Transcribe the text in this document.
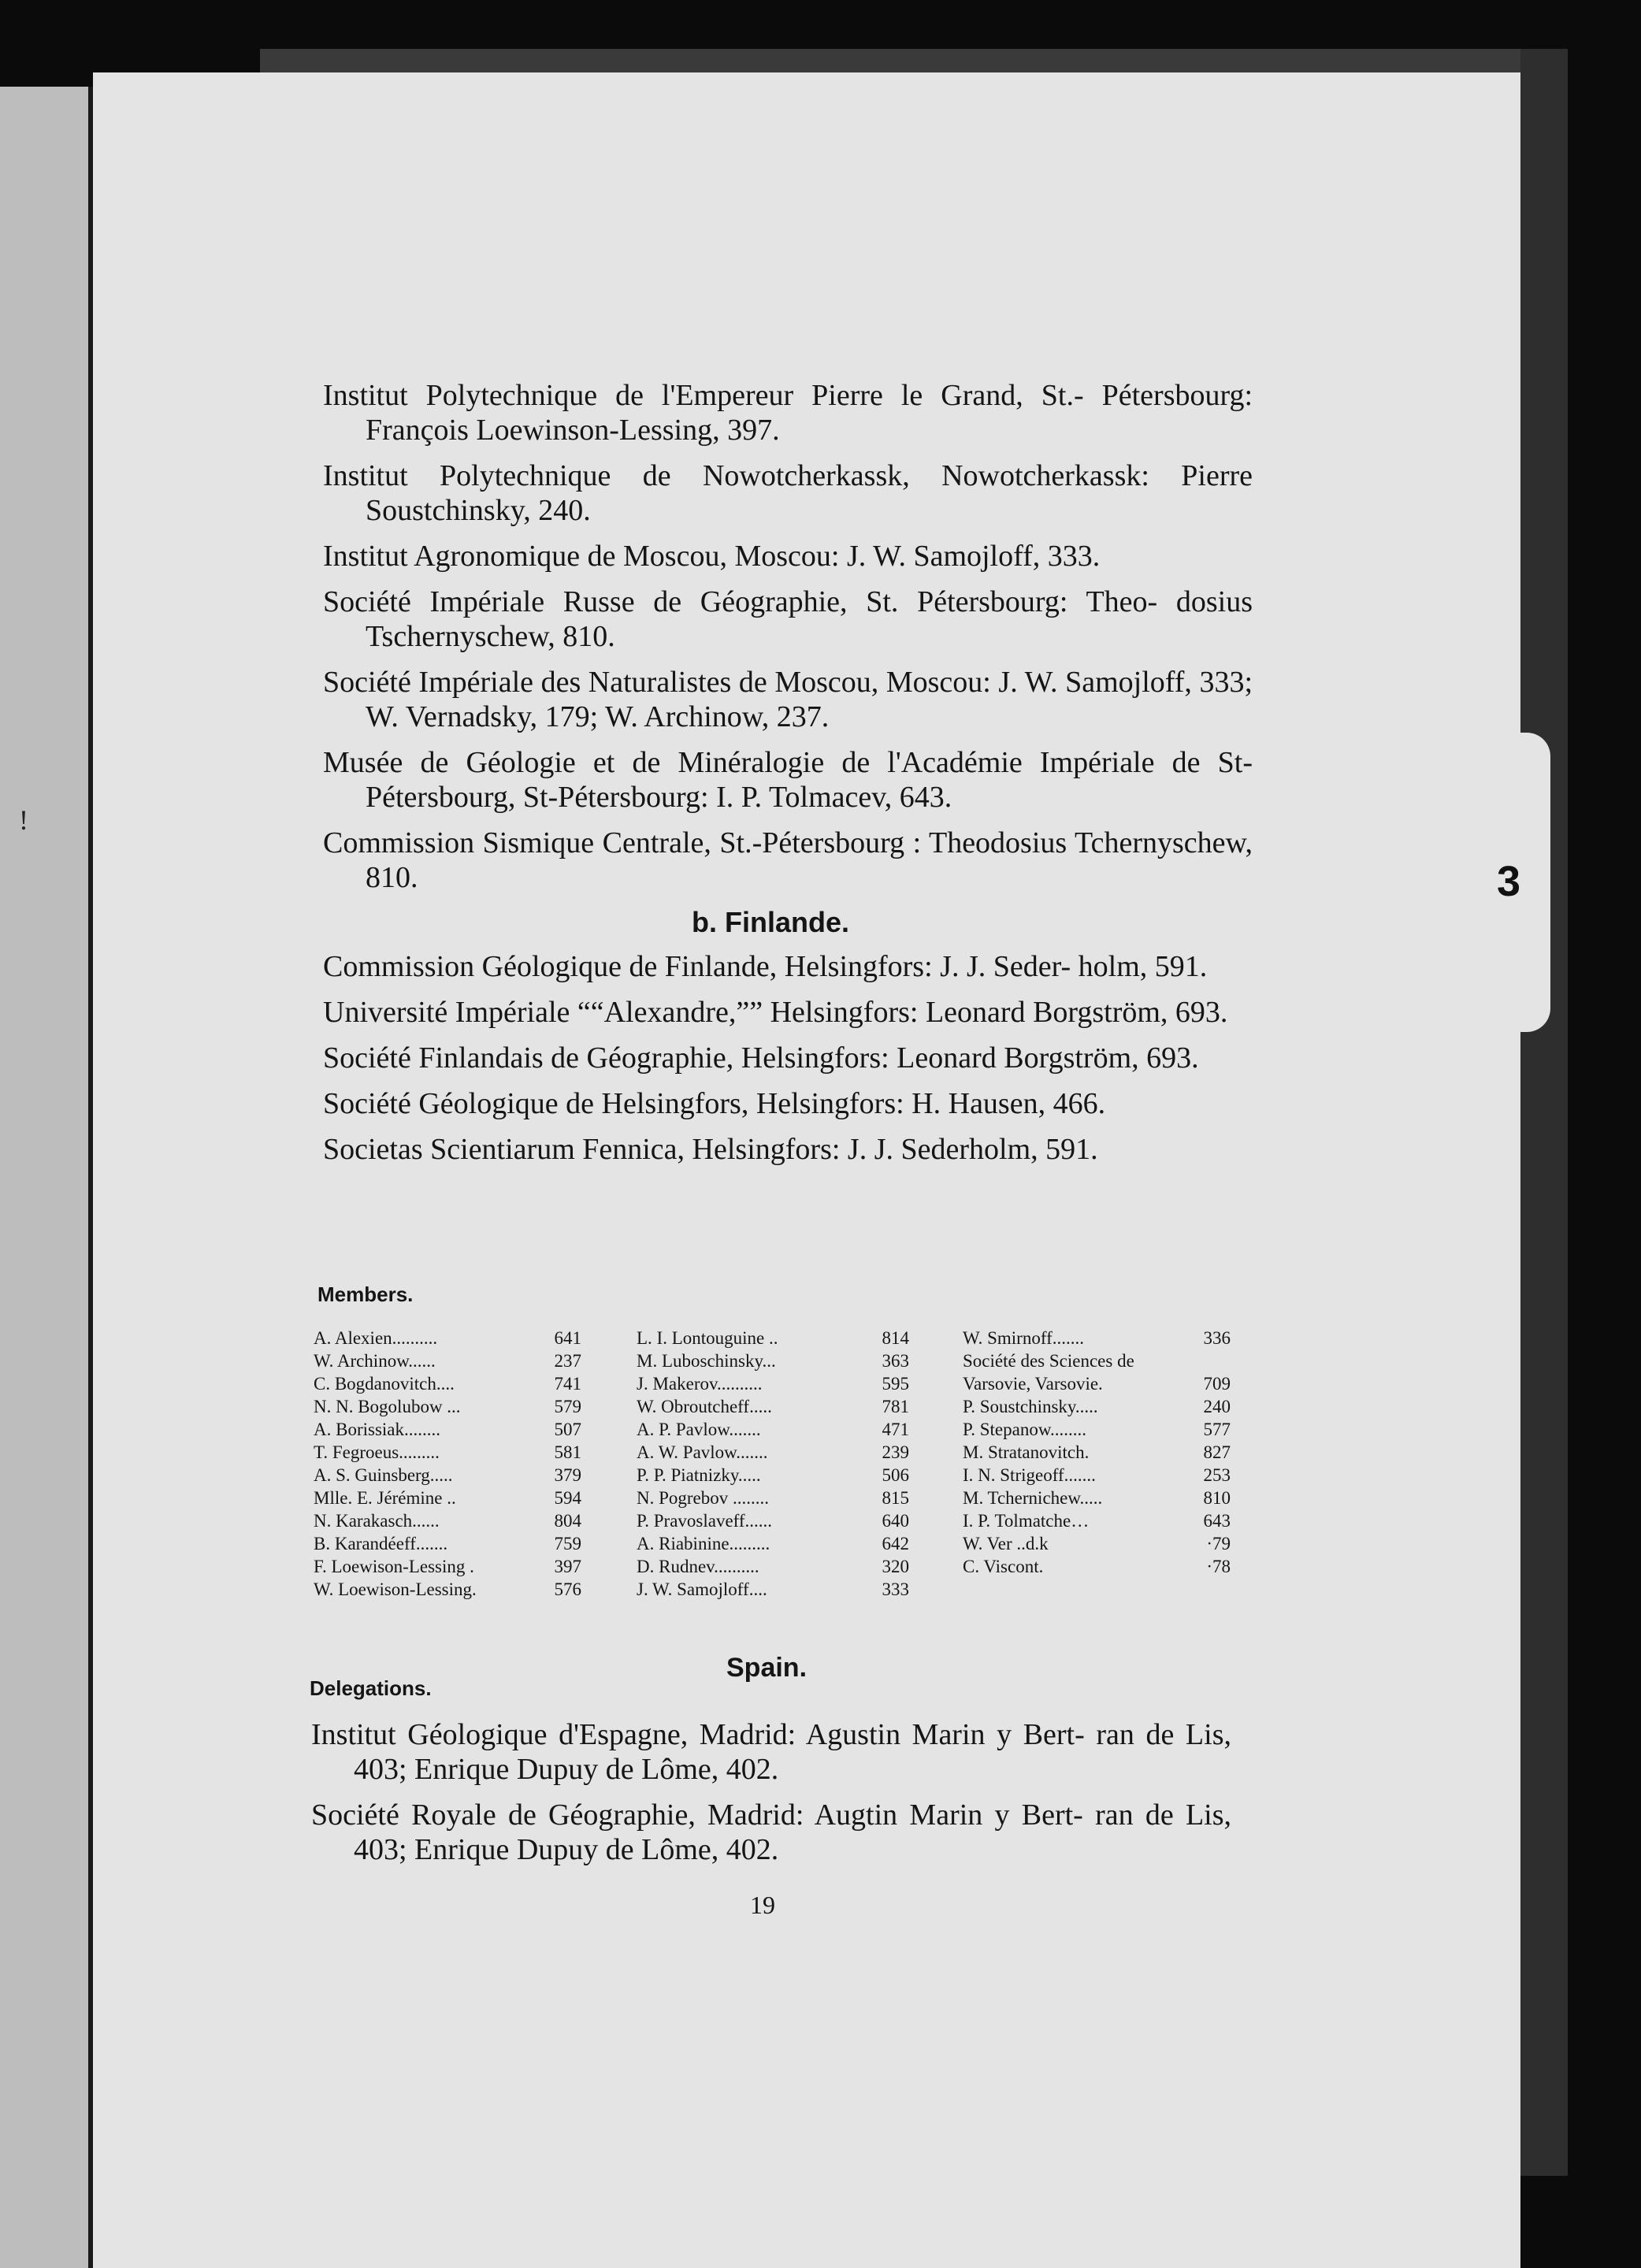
3
!
Institut Polytechnique de l'Empereur Pierre le Grand, St.- Pétersbourg: François Loewinson-Lessing, 397.
Institut Polytechnique de Nowotcherkassk, Nowotcherkassk: Pierre Soustchinsky, 240.
Institut Agronomique de Moscou, Moscou: J. W. Samojloff, 333.
Société Impériale Russe de Géographie, St. Pétersbourg: Theo- dosius Tschernyschew, 810.
Société Impériale des Naturalistes de Moscou, Moscou: J. W. Samojloff, 333; W. Vernadsky, 179; W. Archinow, 237.
Musée de Géologie et de Minéralogie de l'Académie Impériale de St-Pétersbourg, St-Pétersbourg: I. P. Tolmacev, 643.
Commission Sismique Centrale, St.-Pétersbourg : Theodosius Tchernyschew, 810.
b. Finlande.
Commission Géologique de Finlande, Helsingfors: J. J. Seder- holm, 591.
Université Impériale ““Alexandre,”” Helsingfors: Leonard Borgström, 693.
Société Finlandais de Géographie, Helsingfors: Leonard Borgström, 693.
Société Géologique de Helsingfors, Helsingfors: H. Hausen, 466.
Societas Scientiarum Fennica, Helsingfors: J. J. Sederholm, 591.
Members.
A. Alexien..........	641
W. Archinow......	237
C. Bogdanovitch....	741
N. N. Bogolubow ...	579
A. Borissiak........	507
T. Fegroeus.........	581
A. S. Guinsberg.....	379
Mlle. E. Jérémine ..	594
N. Karakasch......	804
B. Karandéeff.......	759
F. Loewison-Lessing .	397
W. Loewison-Lessing.	576
L. I. Lontouguine ..	814
M. Luboschinsky...	363
J. Makerov..........	595
W. Obroutcheff.....	781
A. P. Pavlow.......	471
A. W. Pavlow.......	239
P. P. Piatnizky.....	506
N. Pogrebov ........	815
P. Pravoslaveff......	640
A. Riabinine.........	642
D. Rudnev..........	320
J. W. Samojloff....	333
W. Smirnoff.......	336
Société des Sciences de
Varsovie, Varsovie.	709
P. Soustchinsky.....	240
P. Stepanow........	577
M. Stratanovitch.	827
I. N. Strigeoff.......	253
M. Tchernichew.....	810
I. P. Tolmatche…	643
W. Ver ..d.k	·79
C. Viscont.	·78
Spain.
Delegations.
Institut Géologique d'Espagne, Madrid: Agustin Marin y Bert- ran de Lis, 403; Enrique Dupuy de Lôme, 402.
Société Royale de Géographie, Madrid: Augtin Marin y Bert- ran de Lis, 403; Enrique Dupuy de Lôme, 402.
19
